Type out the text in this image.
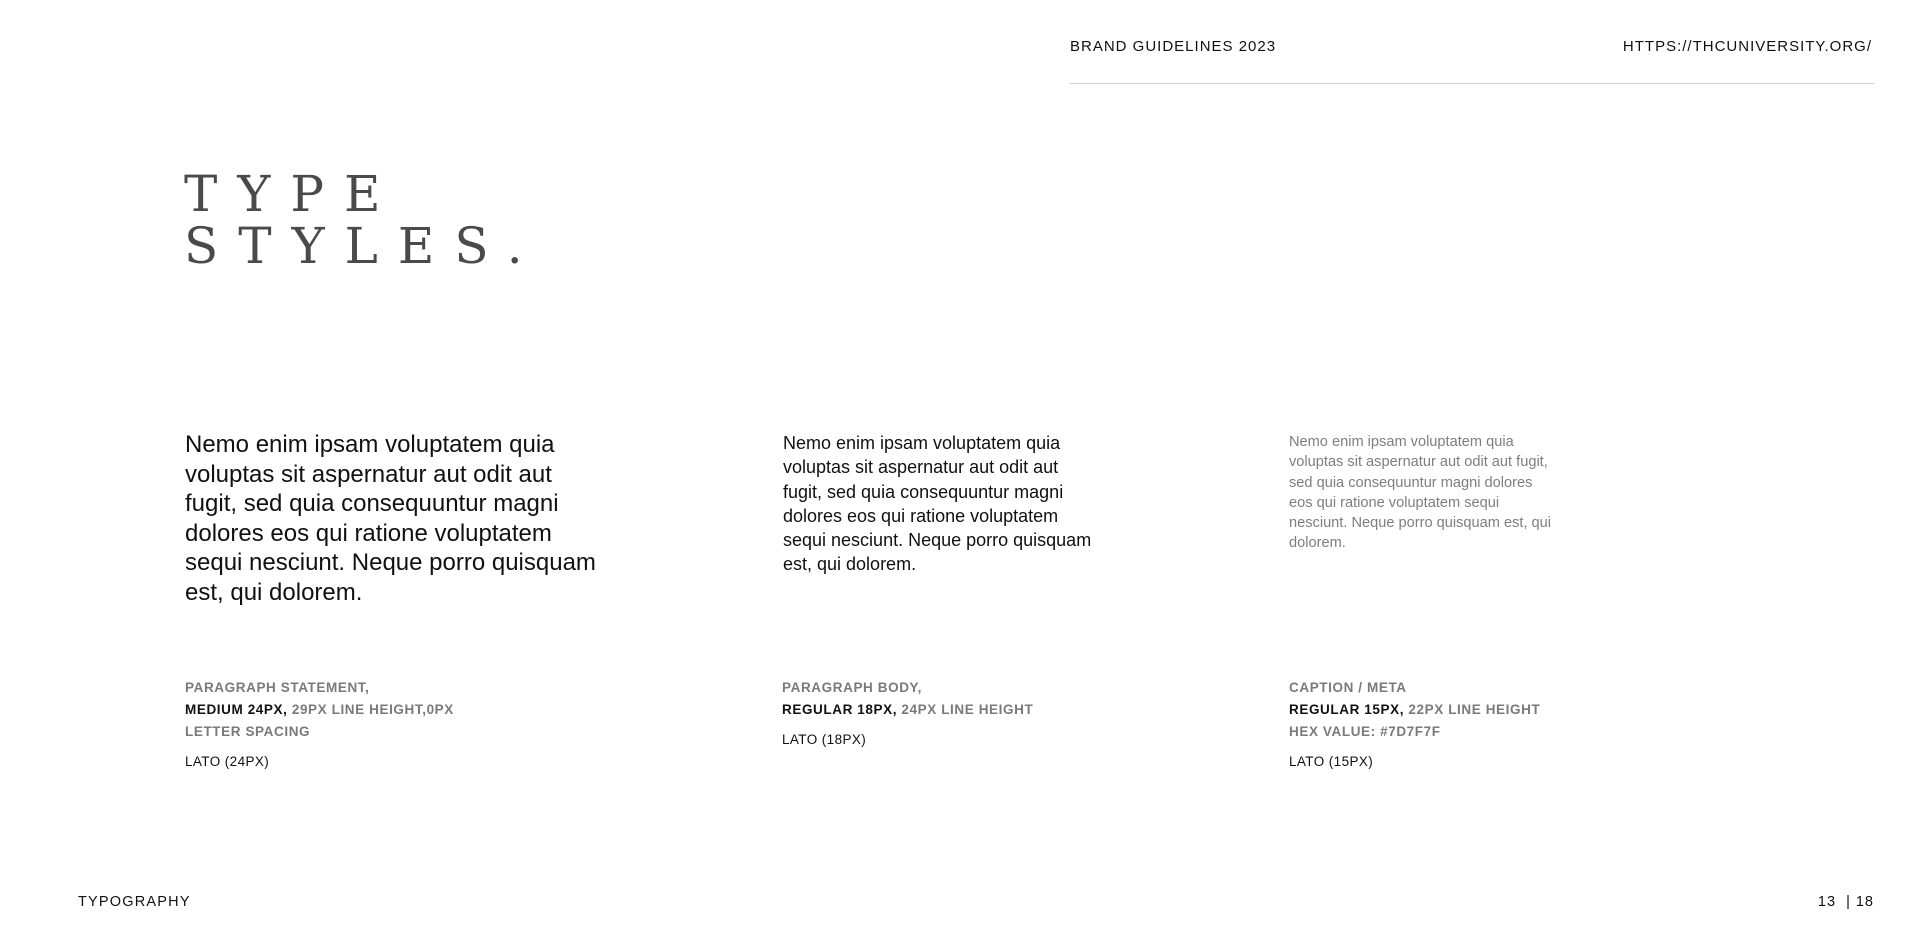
BRAND GUIDELINES 2023	HTTPS://THCUNIVERSITY.ORG/
TYPE
STYLES.

Nemo enim ipsam voluptatem quia voluptas sit aspernatur aut odit aut fugit, sed quia consequuntur magni dolores eos qui ratione voluptatem sequi nesciunt. Neque porro quisquam est, qui dolorem.

Nemo enim ipsam voluptatem quia voluptas sit aspernatur aut odit aut fugit, sed quia consequuntur magni dolores eos qui ratione voluptatem sequi nesciunt. Neque porro quisquam est, qui dolorem.

Nemo enim ipsam voluptatem quia voluptas sit aspernatur aut odit aut fugit, sed quia consequuntur magni dolores eos qui ratione voluptatem sequi nesciunt. Neque porro quisquam est, qui dolorem.

PARAGRAPH STATEMENT,
MEDIUM 24PX, 29PX LINE HEIGHT,0PX
LETTER SPACING
LATO (24PX)
PARAGRAPH BODY,
REGULAR 18PX, 24PX LINE HEIGHT
LATO (18PX)
CAPTION / META
REGULAR 15PX, 22PX LINE HEIGHT
HEX VALUE: #7D7F7F
LATO (15PX)
TYPOGRAPHY	13  | 18
